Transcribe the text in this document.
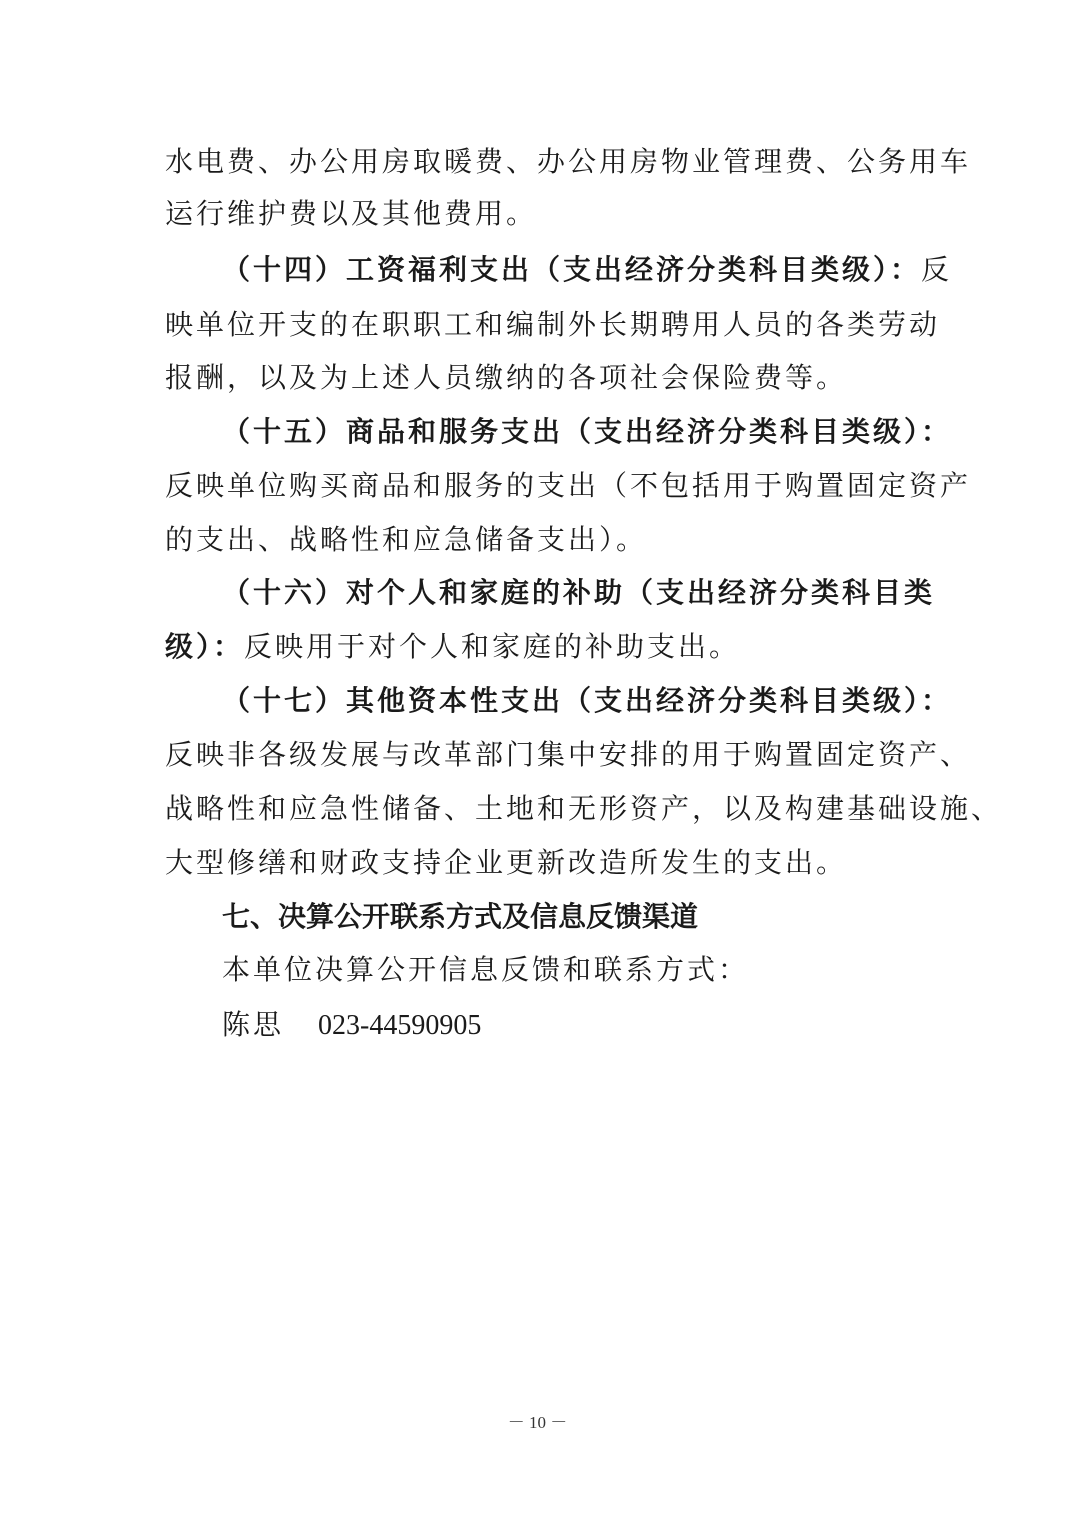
水电费、办公用房取暖费、办公用房物业管理费、公务用车
运行维护费以及其他费用。
（十四）工资福利支出（支出经济分类科目类级）：反
映单位开支的在职职工和编制外长期聘用人员的各类劳动
报酬，以及为上述人员缴纳的各项社会保险费等。
（十五）商品和服务支出（支出经济分类科目类级）：
反映单位购买商品和服务的支出（不包括用于购置固定资产
的支出、战略性和应急储备支出）。
（十六）对个人和家庭的补助（支出经济分类科目类
级）：反映用于对个人和家庭的补助支出。
（十七）其他资本性支出（支出经济分类科目类级）：
反映非各级发展与改革部门集中安排的用于购置固定资产、
战略性和应急性储备、土地和无形资产，以及构建基础设施、
大型修缮和财政支持企业更新改造所发生的支出。
七、决算公开联系方式及信息反馈渠道
本单位决算公开信息反馈和联系方式：
陈思 023-44590905
－ 10 －
